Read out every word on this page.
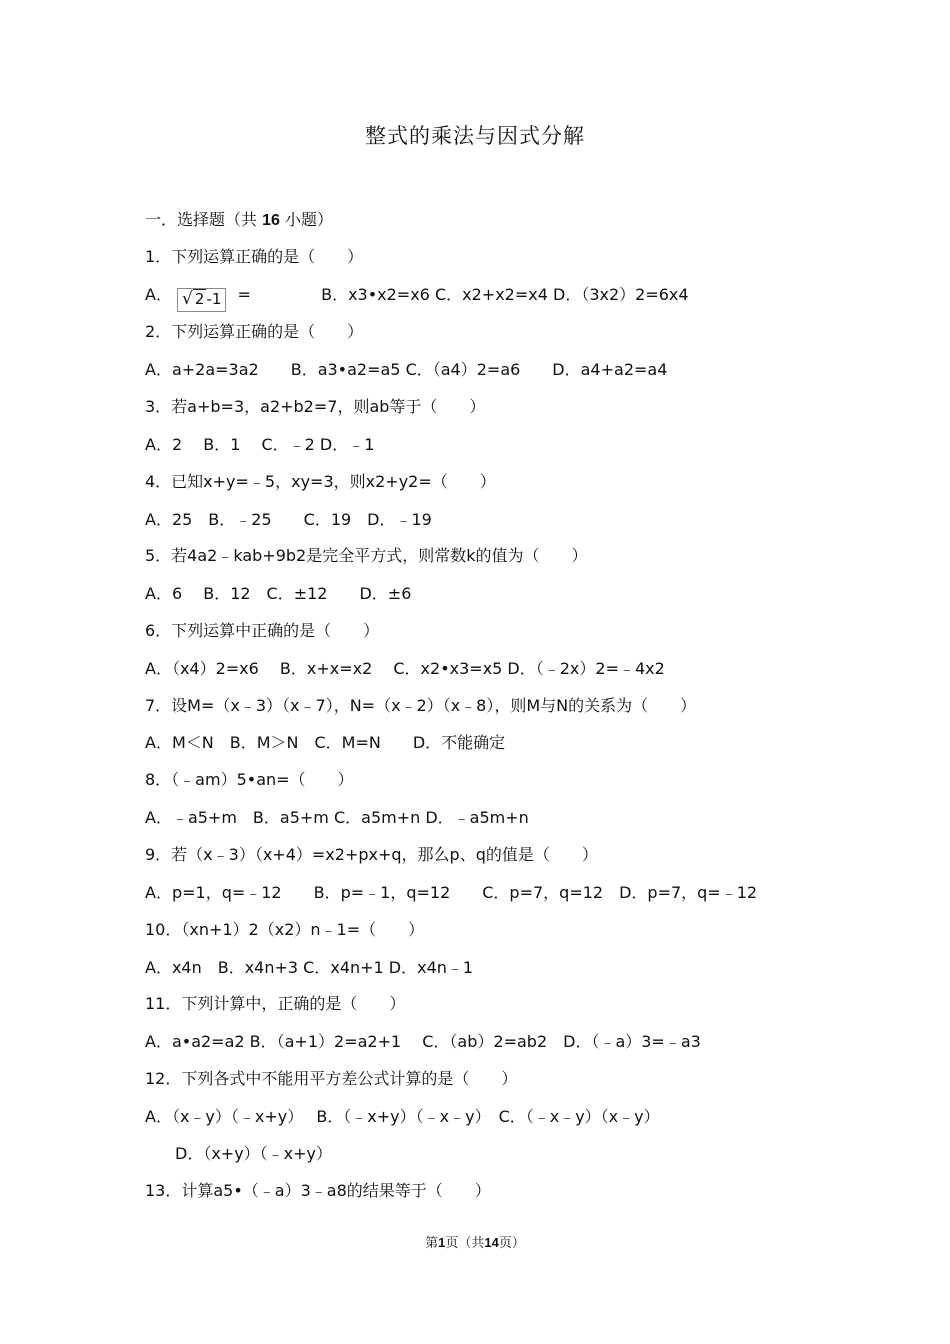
整式的乘法与因式分解
一．选择题（共 16 小题）
1．下列运算正确的是（　　）
A． √ 2 -1 =	B．x3•x2=x6 C．x2+x2=x4 D．（3x2）2=6x4
2．下列运算正确的是（　　）
A．a+2a=3a2　　B．a3•a2=a5 C．（a4）2=a6　　D．a4+a2=a4
3．若a+b=3，a2+b2=7，则ab等于（　　）
A．2　 B．1　 C．﹣2 D．﹣1
4．已知x+y=﹣5，xy=3，则x2+y2=（　　）
A．25　B．﹣25　　C．19　D．﹣19
5．若4a2﹣kab+9b2是完全平方式，则常数k的值为（　　）
A．6　 B．12　C．±12　　D．±6
6．下列运算中正确的是（　　）
A．（x4）2=x6　 B．x+x=x2　 C．x2•x3=x5 D．（﹣2x）2=﹣4x2
7．设M=（x﹣3）（x﹣7），N=（x﹣2）（x﹣8），则M与N的关系为（　　）
A．M＜N　B．M＞N　C．M=N　　D．不能确定
8．（﹣am）5•an=（　　）
A．﹣a5+m　B．a5+m C．a5m+n D．﹣a5m+n
9．若（x﹣3）（x+4）=x2+px+q，那么p、q的值是（　　）
A．p=1，q=﹣12　　B．p=﹣1，q=12　　C．p=7，q=12　D．p=7，q=﹣12
10．（xn+1）2（x2）n﹣1=（　　）
A．x4n　B．x4n+3 C．x4n+1 D．x4n﹣1
11．下列计算中，正确的是（　　）
A．a•a2=a2 B．（a+1）2=a2+1　 C．（ab）2=ab2　D．（﹣a）3=﹣a3
12．下列各式中不能用平方差公式计算的是（　　）
A．（x﹣y）（﹣x+y）　 B．（﹣x+y）（﹣x﹣y）　C．（﹣x﹣y）（x﹣y）
D．（x+y）（﹣x+y）
13．计算a5•（﹣a）3﹣a8的结果等于（　　）
第1页（共14页）
